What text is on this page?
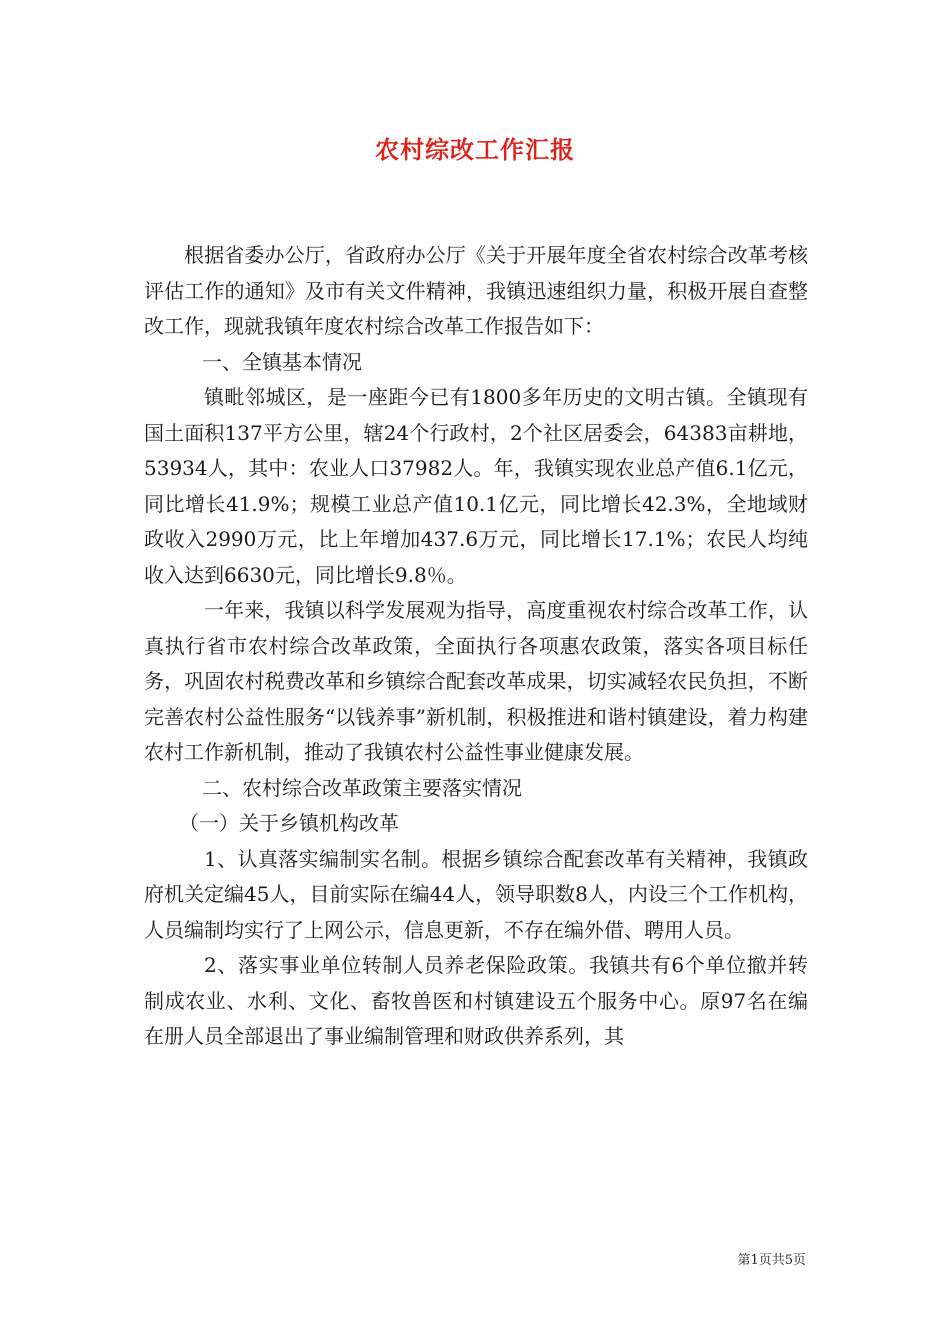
农村综改工作汇报

根据省委办公厅，省政府办公厅《关于开展年度全省农村综合改革考核评估工作的通知》及市有关文件精神，我镇迅速组织力量，积极开展自查整改工作，现就我镇年度农村综合改革工作报告如下：

一、全镇基本情况

镇毗邻城区，是一座距今已有1800多年历史的文明古镇。全镇现有国土面积137平方公里，辖24个行政村，2个社区居委会，64383亩耕地，53934人，其中：农业人口37982人。年，我镇实现农业总产值6.1亿元，同比增长41.9%；规模工业总产值10.1亿元，同比增长42.3%，全地域财政收入2990万元，比上年增加437.6万元，同比增长17.1%；农民人均纯收入达到6630元，同比增长9.8％。

一年来，我镇以科学发展观为指导，高度重视农村综合改革工作，认真执行省市农村综合改革政策，全面执行各项惠农政策，落实各项目标任务，巩固农村税费改革和乡镇综合配套改革成果，切实减轻农民负担，不断完善农村公益性服务“以钱养事”新机制，积极推进和谐村镇建设，着力构建农村工作新机制，推动了我镇农村公益性事业健康发展。

二、农村综合改革政策主要落实情况

（一）关于乡镇机构改革

1、认真落实编制实名制。根据乡镇综合配套改革有关精神，我镇政府机关定编45人，目前实际在编44人，领导职数8人，内设三个工作机构，人员编制均实行了上网公示，信息更新，不存在编外借、聘用人员。

2、落实事业单位转制人员养老保险政策。我镇共有6个单位撤并转制成农业、水利、文化、畜牧兽医和村镇建设五个服务中心。原97名在编在册人员全部退出了事业编制管理和财政供养系列，其

第1页共5页
